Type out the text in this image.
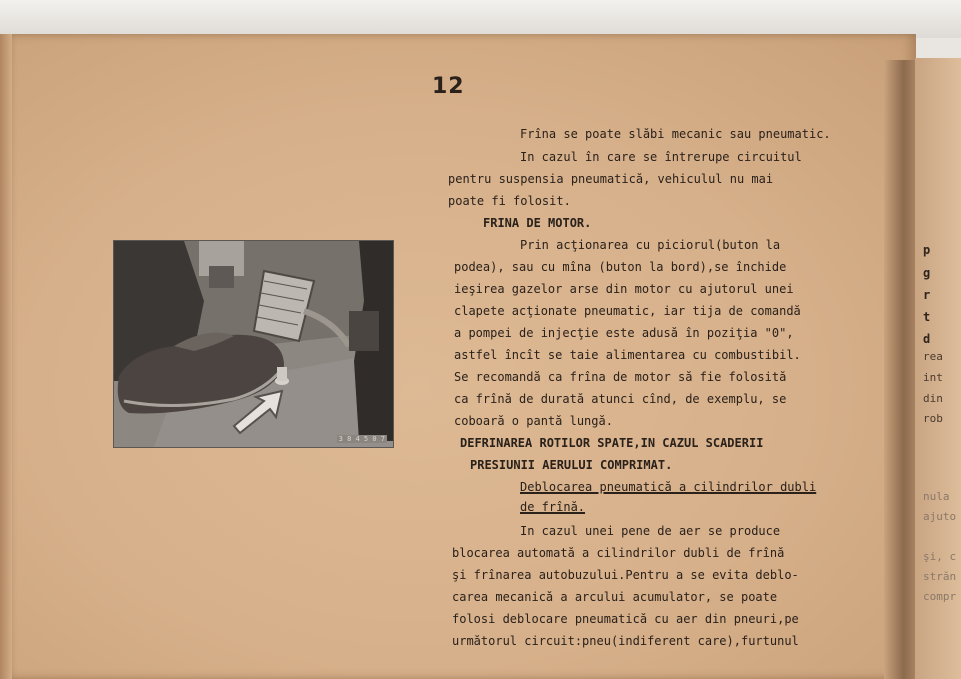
p
g
r
t
d
rea
int
din
rob
nula
ajuto
şi, c
străn
compr
12
3 8 4 5 0 7
Frîna se poate slăbi mecanic sau pneumatic.
In cazul în care se întrerupe circuitul
pentru suspensia pneumatică, vehiculul nu mai
poate fi folosit.
FRINA DE MOTOR.
Prin acţionarea cu piciorul(buton la
podea), sau cu mîna (buton la bord),se închide
ieşirea gazelor arse din motor cu ajutorul unei
clapete acţionate pneumatic, iar tija de comandă
a pompei de injecţie este adusă în poziţia "0",
astfel încît se taie alimentarea cu combustibil.
Se recomandă ca frîna de motor să fie folosită
ca frînă de durată atunci cînd, de exemplu, se
coboară o pantă lungă.
DEFRINAREA ROTILOR SPATE,IN CAZUL SCADERII
PRESIUNII AERULUI COMPRIMAT.
Deblocarea pneumatică a cilindrilor dubli
de frînă.
In cazul unei pene de aer se produce
blocarea automată a cilindrilor dubli de frînă
şi frînarea autobuzului.Pentru a se evita deblo-
carea mecanică a arcului acumulator, se poate
folosi deblocare pneumatică cu aer din pneuri,pe
următorul circuit:pneu(indiferent care),furtunul
